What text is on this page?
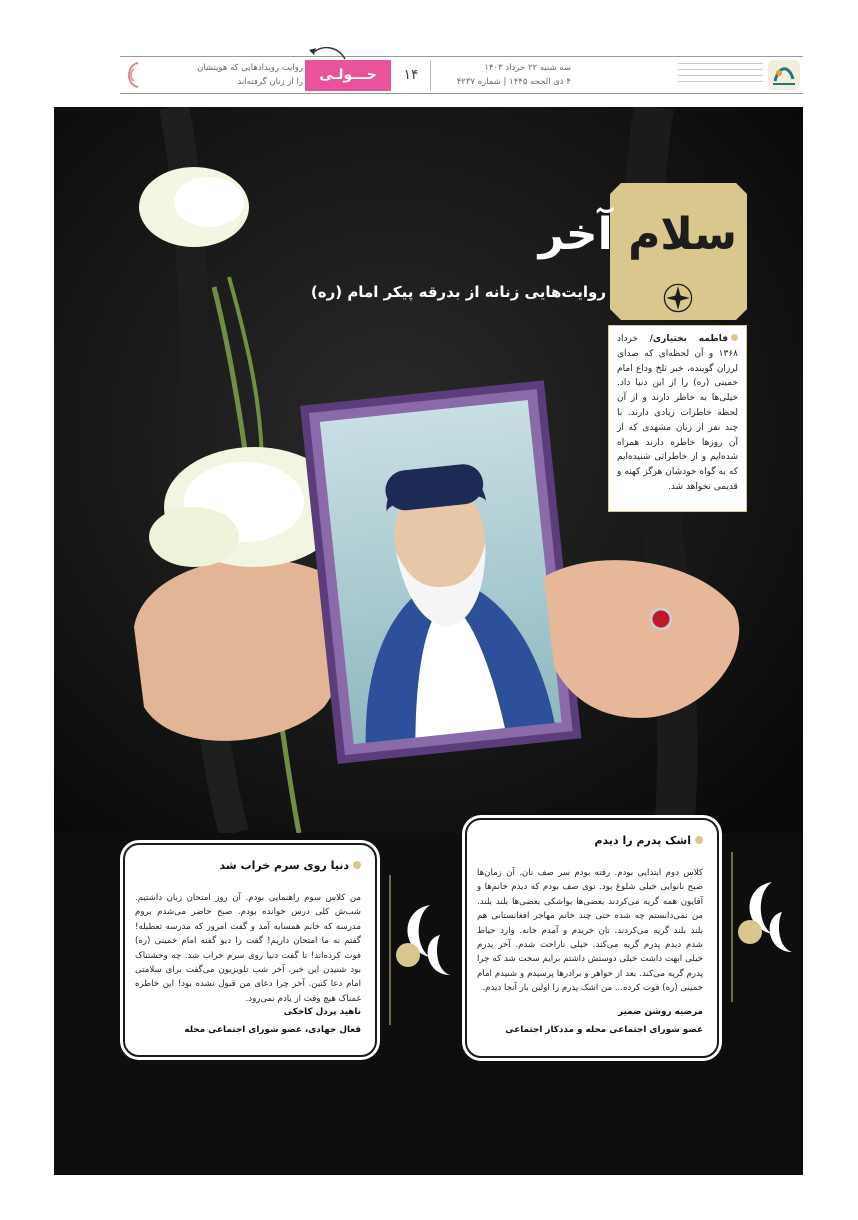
سه شنبه ۲۲ خرداد ۱۴۰۳
۴ ذی الحجه ۱۴۴۵ | شماره ۴۲۳۷
۱۴
حـــولـی
روایت رویدادهایی که هویتشان
را از زنان گرفته‌اند
سلام آخر
روایت‌هایی زنانه از بدرقه پیکر امام (ره)
فاطمه بختیاری/ خرداد ۱۳۶۸ و آن لحظه‌ای که صدای لرزان گوینده، خبر تلخ وداع امام خمینی (ره) را از این دنیا داد. خیلی‌ها به خاطر دارند و از آن لحظه خاطرات زیادی دارند. با چند نفر از زنان مشهدی که از آن روزها خاطره دارند همراه شده‌ایم و از خاطراتی شنیده‌ایم که به گواه خودشان هرگز کهنه و قدیمی نخواهد شد.
اشک پدرم را دیدم
کلاس دوم ابتدایی بودم. رفته بودم سر صف نان. آن زمان‌ها صبح نانوایی خیلی شلوغ بود. توی صف بودم که دیدم خانم‌ها و آقایون همه گریه می‌کردند بعضی‌ها یواشکی بعضی‌ها بلند بلند. من نمی‌دانستم چه شده حتی چند خانم مهاجر افغانستانی هم بلند بلند گریه می‌کردند. نان خریدم و آمدم خانه. وارد حیاط شدم دیدم پدرم گریه می‌کند. خیلی ناراحت شدم. آخر پدرم خیلی ابهت داشت خیلی دوستش داشتم برایم سخت شد که چرا پدرم گریه می‌کند. بعد از خواهر و برادرها پرسیدم و شنیدم امام خمینی (ره) فوت کرده... من اشک پدرم را اولین بار آنجا دیدم.
مرضیه روشن ضمیر
عضو شورای اجتماعی محله و مددکار اجتماعی
دنیا روی سرم خراب شد
من کلاس سوم راهنمایی بودم. آن روز امتحان زبان داشتیم. شب‌ش کلی درس خوانده بودم. صبح حاضر می‌شدم بروم مدرسه که خانم همسایه آمد و گفت امروز که مدرسه تعطیله! گفتم نه ما امتحان داریم! گفت را دیو گفته امام خمینی (ره) فوت کرده‌اند! تا گفت دنیا روی سرم خراب شد. چه وحشتناک بود شنیدن این خبر. آخر شب تلویزیون می‌گفت برای سلامتی امام دعا کنین. آخر چرا دعای من قبول نشده بود! این خاطره غمناک هیچ وقت از یادم نمی‌رود.
ناهید پردل کاخکی
فعال جهادی، عضو شورای اجتماعی محله
